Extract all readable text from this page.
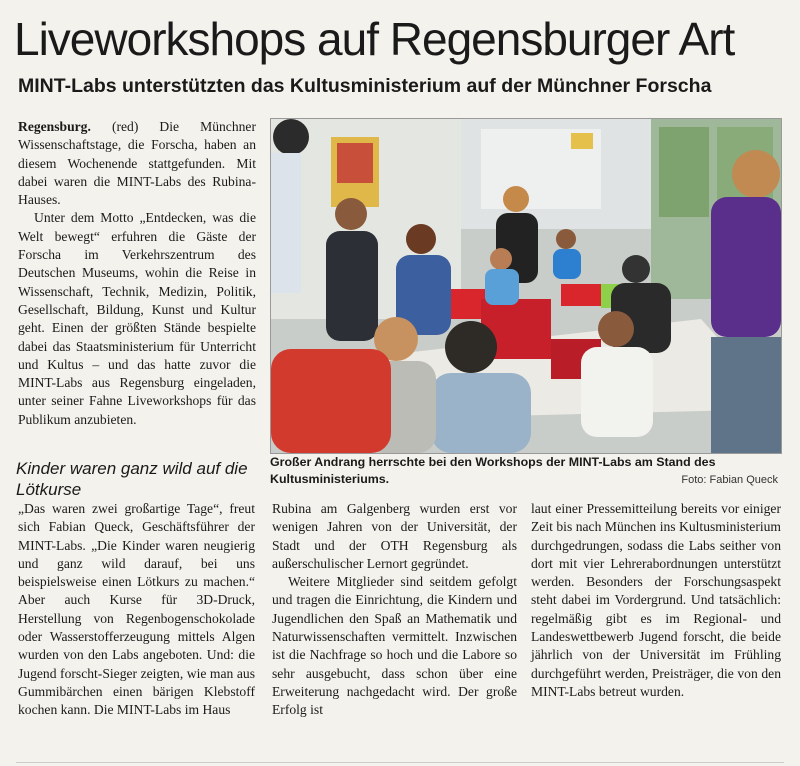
Liveworkshops auf Regensburger Art
MINT-Labs unterstützten das Kultusministerium auf der Münchner Forscha

Regensburg. (red) Die Münchner Wissenschaftstage, die Forscha, haben an diesem Wochenende stattgefunden. Mit dabei waren die MINT-Labs des Rubina-Hauses.

Unter dem Motto „Entdecken, was die Welt bewegt“ erfuhren die Gäste der Forscha im Verkehrszentrum des Deutschen Museums, wohin die Reise in Wissenschaft, Technik, Medizin, Politik, Gesellschaft, Bildung, Kunst und Kultur geht. Einen der größten Stände bespielte dabei das Staatsministerium für Unterricht und Kultus – und das hatte zuvor die MINT-Labs aus Regensburg eingeladen, unter seiner Fahne Liveworkshops für das Publikum anzubieten.

Kinder waren ganz wild auf die Lötkurse

Großer Andrang herrschte bei den Workshops der MINT-Labs am Stand des Kultusministeriums.	Foto: Fabian Queck

„Das waren zwei großartige Tage“, freut sich Fabian Queck, Geschäftsführer der MINT-Labs. „Die Kinder waren neugierig und ganz wild darauf, bei uns beispielsweise einen Lötkurs zu machen.“ Aber auch Kurse für 3D-Druck, Herstellung von Regenbogenschokolade oder Wasserstofferzeugung mittels Algen wurden von den Labs angeboten. Und: die Jugend forscht-Sieger zeigten, wie man aus Gummibärchen einen bärigen Klebstoff kochen kann. Die MINT-Labs im Haus

Rubina am Galgenberg wurden erst vor wenigen Jahren von der Universität, der Stadt und der OTH Regensburg als außerschulischer Lernort gegründet.

Weitere Mitglieder sind seitdem gefolgt und tragen die Einrichtung, die Kindern und Jugendlichen den Spaß an Mathematik und Naturwissenschaften vermittelt. Inzwischen ist die Nachfrage so hoch und die Labore so sehr ausgebucht, dass schon über eine Erweiterung nachgedacht wird. Der große Erfolg ist

laut einer Pressemitteilung bereits vor einiger Zeit bis nach München ins Kultusministerium durchgedrungen, sodass die Labs seither von dort mit vier Lehrerabordnungen unterstützt werden. Besonders der Forschungsaspekt steht dabei im Vordergrund. Und tatsächlich: regelmäßig gibt es im Regional- und Landeswettbewerb Jugend forscht, die beide jährlich von der Universität im Frühling durchgeführt werden, Preisträger, die von den MINT-Labs betreut wurden.
